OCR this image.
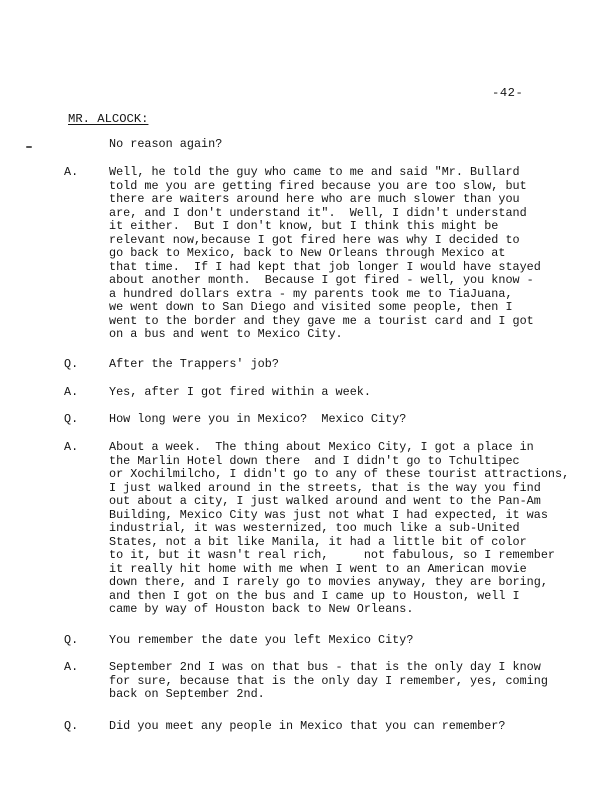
-42-
MR. ALCOCK:
No reason again?
A.	Well, he told the guy who came to me and said "Mr. Bullard
told me you are getting fired because you are too slow, but
there are waiters around here who are much slower than you
are, and I don't understand it".  Well, I didn't understand
it either.  But I don't know, but I think this might be
relevant now,because I got fired here was why I decided to
go back to Mexico, back to New Orleans through Mexico at
that time.  If I had kept that job longer I would have stayed
about another month.  Because I got fired - well, you know -
a hundred dollars extra - my parents took me to TiaJuana,
we went down to San Diego and visited some people, then I
went to the border and they gave me a tourist card and I got
on a bus and went to Mexico City.
Q.	After the Trappers' job?
A.	Yes, after I got fired within a week.
Q.	How long were you in Mexico?  Mexico City?
A.	About a week.  The thing about Mexico City, I got a place in
the Marlin Hotel down there  and I didn't go to Tchultipec
or Xochilmilcho, I didn't go to any of these tourist attractions,
I just walked around in the streets, that is the way you find
out about a city, I just walked around and went to the Pan-Am
Building, Mexico City was just not what I had expected, it was
industrial, it was westernized, too much like a sub-United
States, not a bit like Manila, it had a little bit of color
to it, but it wasn't real rich,     not fabulous, so I remember
it really hit home with me when I went to an American movie
down there, and I rarely go to movies anyway, they are boring,
and then I got on the bus and I came up to Houston, well I
came by way of Houston back to New Orleans.
Q.	You remember the date you left Mexico City?
A.	September 2nd I was on that bus - that is the only day I know
for sure, because that is the only day I remember, yes, coming
back on September 2nd.
Q.	Did you meet any people in Mexico that you can remember?
